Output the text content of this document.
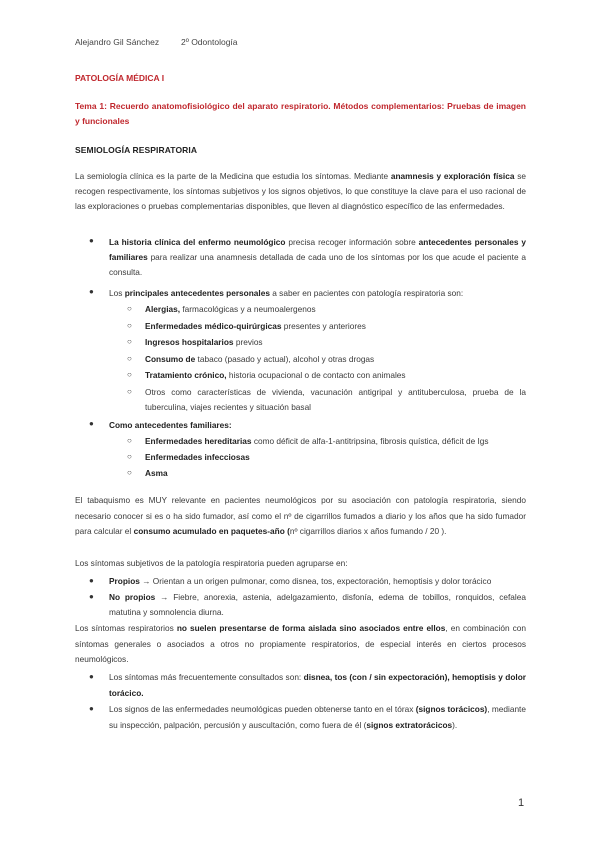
Alejandro Gil Sánchez	2º Odontología
PATOLOGÍA MÉDICA I
Tema 1: Recuerdo anatomofisiológico del aparato respiratorio. Métodos complementarios: Pruebas de imagen y funcionales
SEMIOLOGÍA RESPIRATORIA
La semiología clínica es la parte de la Medicina que estudia los síntomas. Mediante anamnesis y exploración física se recogen respectivamente, los síntomas subjetivos y los signos objetivos, lo que constituye la clave para el uso racional de las exploraciones o pruebas complementarias disponibles, que lleven al diagnóstico específico de las enfermedades.
● La historia clínica del enfermo neumológico precisa recoger información sobre antecedentes personales y familiares para realizar una anamnesis detallada de cada uno de los síntomas por los que acude el paciente a consulta.
● Los principales antecedentes personales a saber en pacientes con patología respiratoria son:
○ Alergias, farmacológicas y a neumoalergenos
○ Enfermedades médico-quirúrgicas presentes y anteriores
○ Ingresos hospitalarios previos
○ Consumo de tabaco (pasado y actual), alcohol y otras drogas
○ Tratamiento crónico, historia ocupacional o de contacto con animales
○ Otros como características de vivienda, vacunación antigripal y antituberculosa, prueba de la tuberculina, viajes recientes y situación basal
● Como antecedentes familiares:
○ Enfermedades hereditarias como déficit de alfa-1-antitripsina, fibrosis quística, déficit de Igs
○ Enfermedades infecciosas
○ Asma
El tabaquismo es MUY relevante en pacientes neumológicos por su asociación con patología respiratoria, siendo necesario conocer si es o ha sido fumador, así como el nº de cigarrillos fumados a diario y los años que ha sido fumador para calcular el consumo acumulado en paquetes-año (nº cigarrillos diarios x años fumando / 20 ).
Los síntomas subjetivos de la patología respiratoria pueden agruparse en:
● Propios → Orientan a un origen pulmonar, como disnea, tos, expectoración, hemoptisis y dolor torácico
● No propios → Fiebre, anorexia, astenia, adelgazamiento, disfonía, edema de tobillos, ronquidos, cefalea matutina y somnolencia diurna.
Los síntomas respiratorios no suelen presentarse de forma aislada sino asociados entre ellos, en combinación con síntomas generales o asociados a otros no propiamente respiratorios, de especial interés en ciertos procesos neumológicos.
● Los síntomas más frecuentemente consultados son: disnea, tos (con / sin expectoración), hemoptisis y dolor torácico.
● Los signos de las enfermedades neumológicas pueden obtenerse tanto en el tórax (signos torácicos), mediante su inspección, palpación, percusión y auscultación, como fuera de él (signos extratorácicos).
1
